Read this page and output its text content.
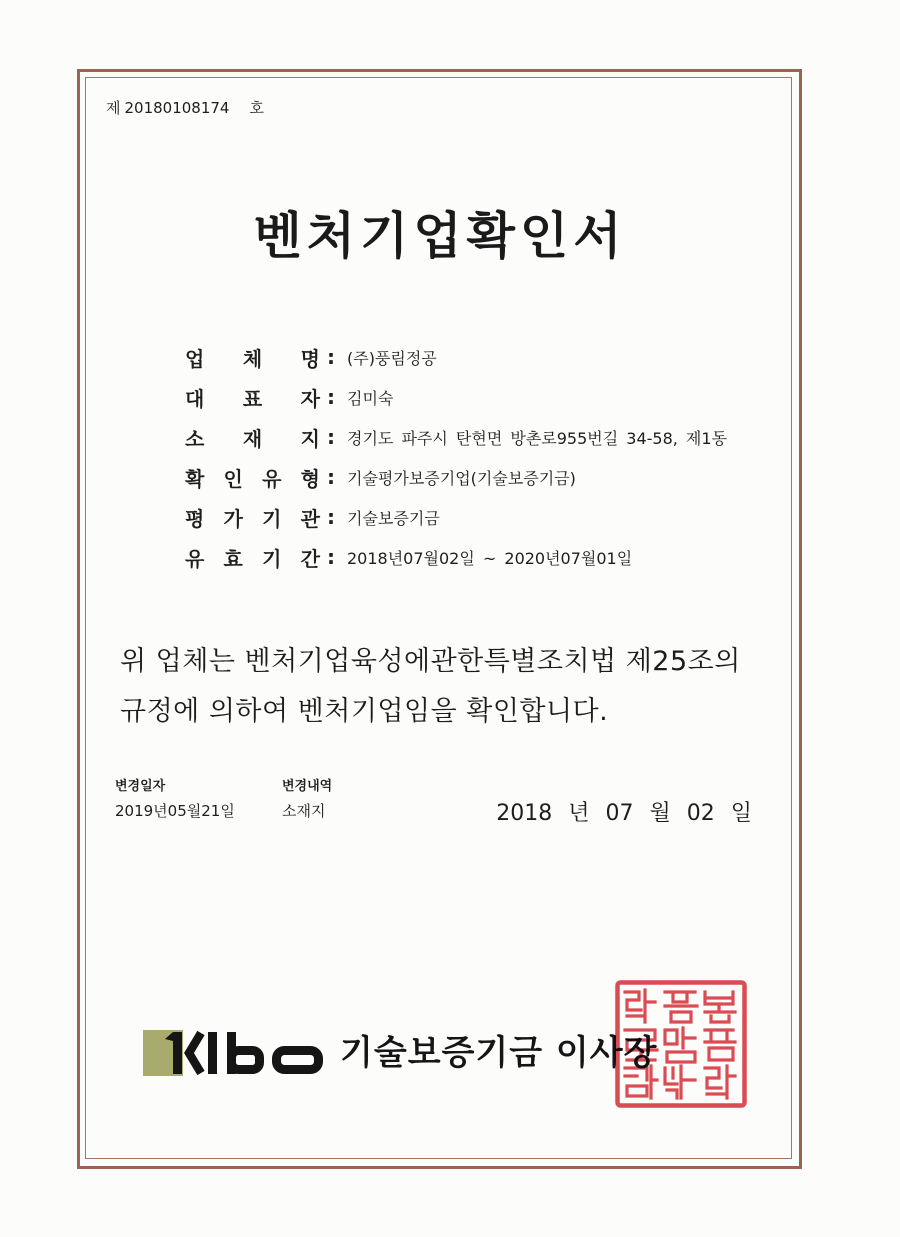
제 20180108174 호
벤처기업확인서
업 체 명 : (주)풍림정공
대 표 자 : 김미숙
소 재 지 : 경기도 파주시 탄현면 방촌로955번길 34-58, 제1동
확 인 유 형 : 기술평가보증기업(기술보증기금)
평 가 기 관 : 기술보증기금
유 효 기 간 : 2018년07월02일 ~ 2020년07월01일
위 업체는 벤처기업육성에관한특별조치법 제25조의
규정에 의하여 벤처기업임을 확인합니다.
변경일자	변경내역
2019년05월21일	소재지	2018 년 07 월 02 일
기술보증기금 이사장
